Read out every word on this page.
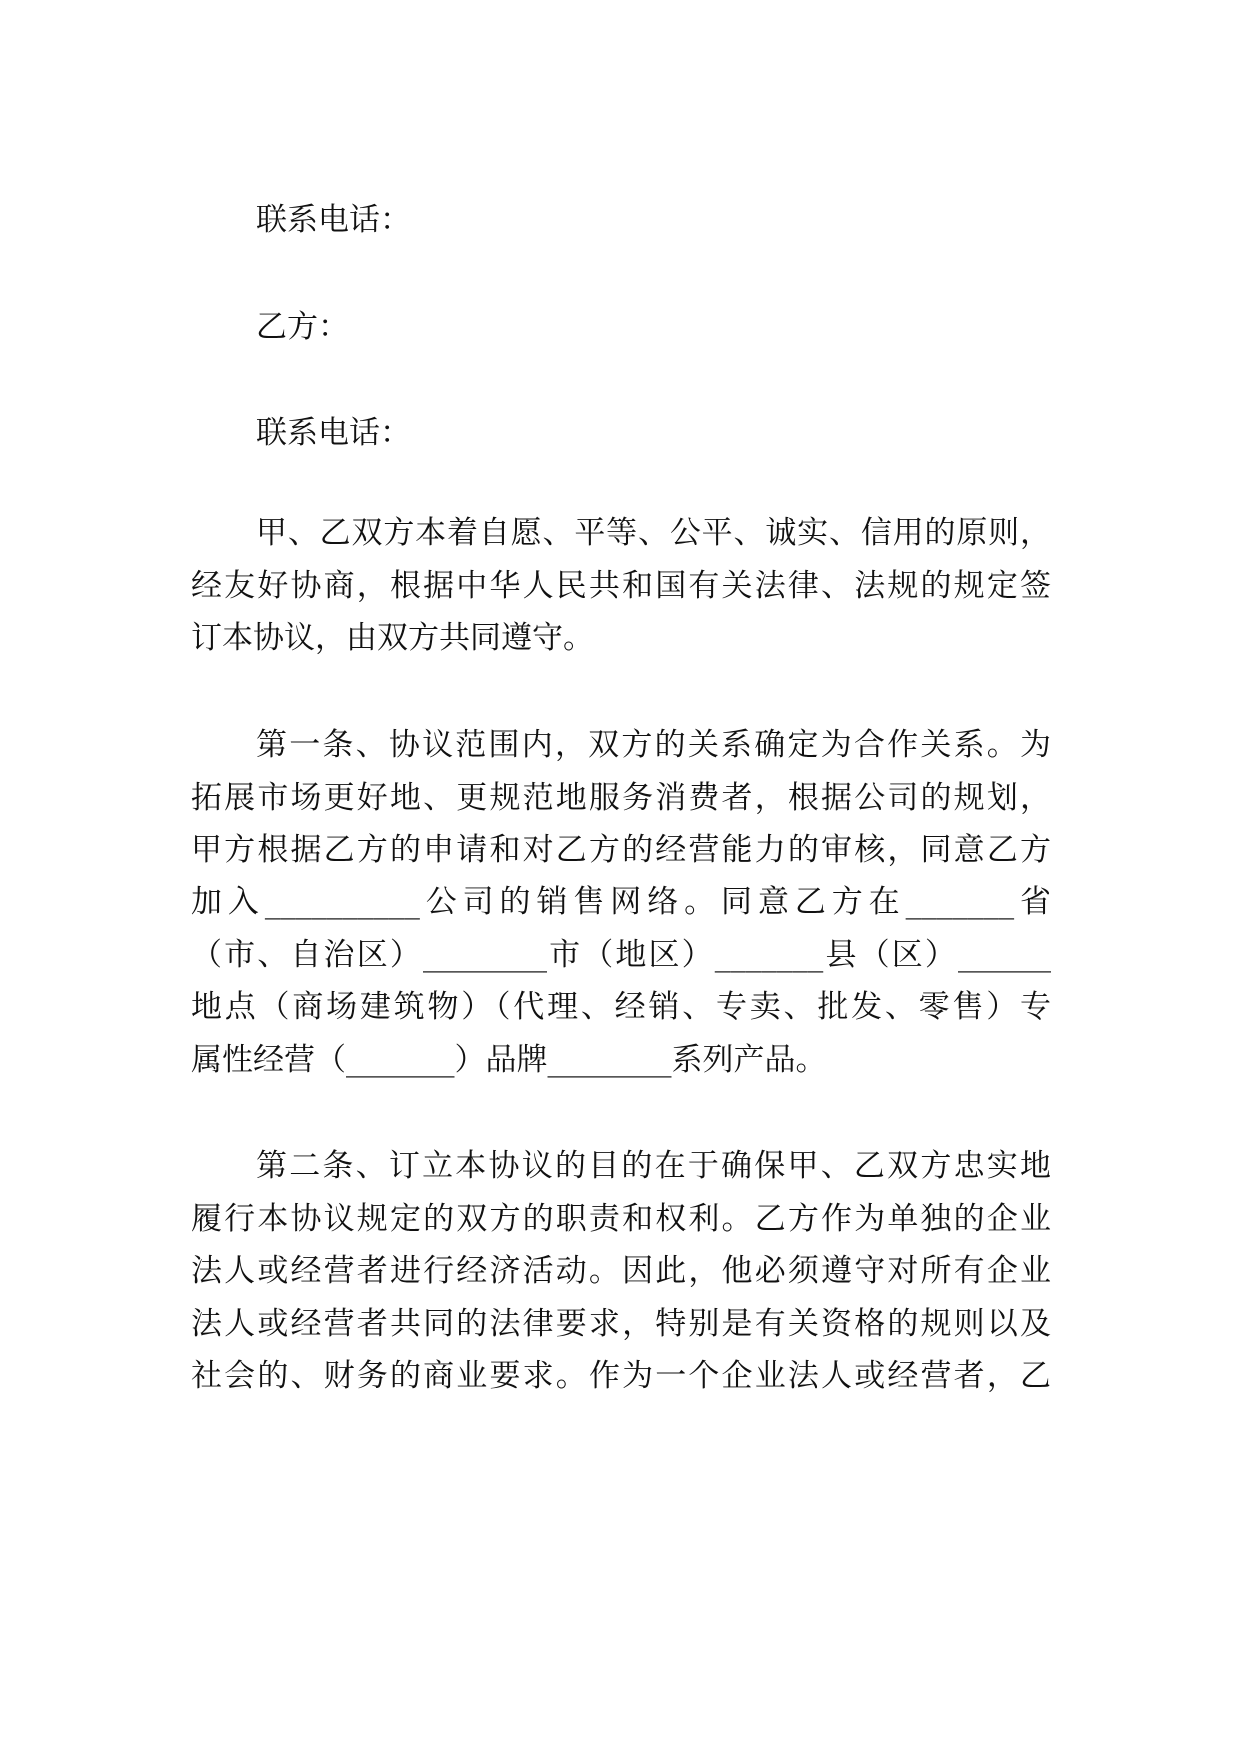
联系电话：
乙方：
联系电话：
甲、乙双方本着自愿、平等、公平、诚实、信用的原则，
经友好协商，根据中华人民共和国有关法律、法规的规定签
订本协议，由双方共同遵守。
第一条、协议范围内，双方的关系确定为合作关系。为
拓展市场更好地、更规范地服务消费者，根据公司的规划，
甲方根据乙方的申请和对乙方的经营能力的审核，同意乙方
加入__________公司的销售网络。同意乙方在_______省
（市、自治区）________市（地区）_______县（区）______
地点（商场建筑物）（代理、经销、专卖、批发、零售）专
属性经营（_______）品牌________系列产品。
第二条、订立本协议的目的在于确保甲、乙双方忠实地
履行本协议规定的双方的职责和权利。乙方作为单独的企业
法人或经营者进行经济活动。因此，他必须遵守对所有企业
法人或经营者共同的法律要求，特别是有关资格的规则以及
社会的、财务的商业要求。作为一个企业法人或经营者，乙
